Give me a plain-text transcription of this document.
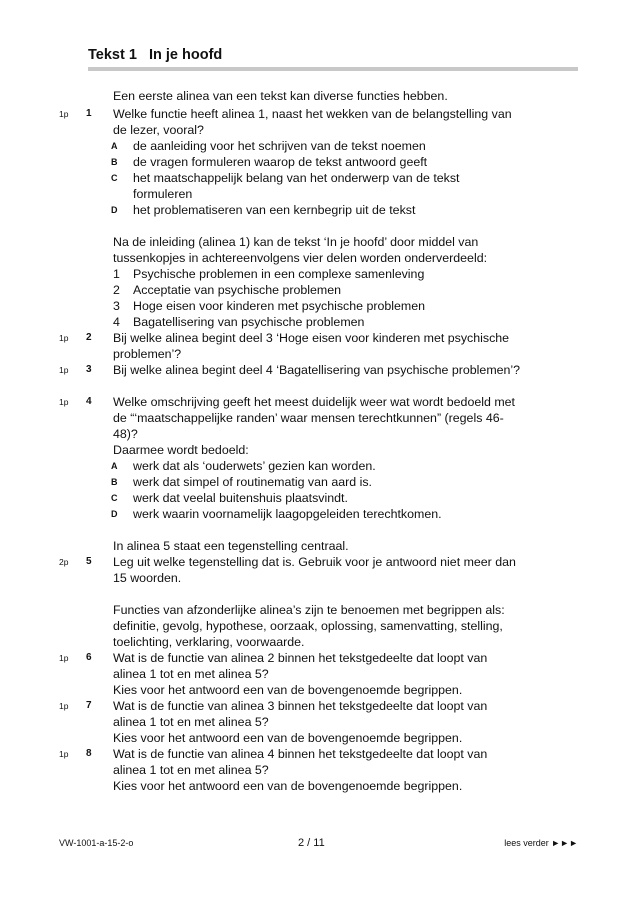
Tekst 1   In je hoofd
Een eerste alinea van een tekst kan diverse functies hebben.
1p 1 Welke functie heeft alinea 1, naast het wekken van de belangstelling van
de lezer, vooral?
A de aanleiding voor het schrijven van de tekst noemen
B de vragen formuleren waarop de tekst antwoord geeft
C het maatschappelijk belang van het onderwerp van de tekst
formuleren
D het problematiseren van een kernbegrip uit de tekst
Na de inleiding (alinea 1) kan de tekst ‘In je hoofd’ door middel van
tussenkopjes in achtereenvolgens vier delen worden onderverdeeld:
1 Psychische problemen in een complexe samenleving
2 Acceptatie van psychische problemen
3 Hoge eisen voor kinderen met psychische problemen
4 Bagatellisering van psychische problemen
1p 2 Bij welke alinea begint deel 3 ‘Hoge eisen voor kinderen met psychische
problemen’?
1p 3 Bij welke alinea begint deel 4 ‘Bagatellisering van psychische problemen’?
1p 4 Welke omschrijving geeft het meest duidelijk weer wat wordt bedoeld met
de “‘maatschappelijke randen’ waar mensen terechtkunnen” (regels 46-
48)?
Daarmee wordt bedoeld:
A werk dat als ‘ouderwets’ gezien kan worden.
B werk dat simpel of routinematig van aard is.
C werk dat veelal buitenshuis plaatsvindt.
D werk waarin voornamelijk laagopgeleiden terechtkomen.
In alinea 5 staat een tegenstelling centraal.
2p 5 Leg uit welke tegenstelling dat is. Gebruik voor je antwoord niet meer dan
15 woorden.
Functies van afzonderlijke alinea’s zijn te benoemen met begrippen als:
definitie, gevolg, hypothese, oorzaak, oplossing, samenvatting, stelling,
toelichting, verklaring, voorwaarde.
1p 6 Wat is de functie van alinea 2 binnen het tekstgedeelte dat loopt van
alinea 1 tot en met alinea 5?
Kies voor het antwoord een van de bovengenoemde begrippen.
1p 7 Wat is de functie van alinea 3 binnen het tekstgedeelte dat loopt van
alinea 1 tot en met alinea 5?
Kies voor het antwoord een van de bovengenoemde begrippen.
1p 8 Wat is de functie van alinea 4 binnen het tekstgedeelte dat loopt van
alinea 1 tot en met alinea 5?
Kies voor het antwoord een van de bovengenoemde begrippen.
VW-1001-a-15-2-o	2 / 11	lees verder ►►►
